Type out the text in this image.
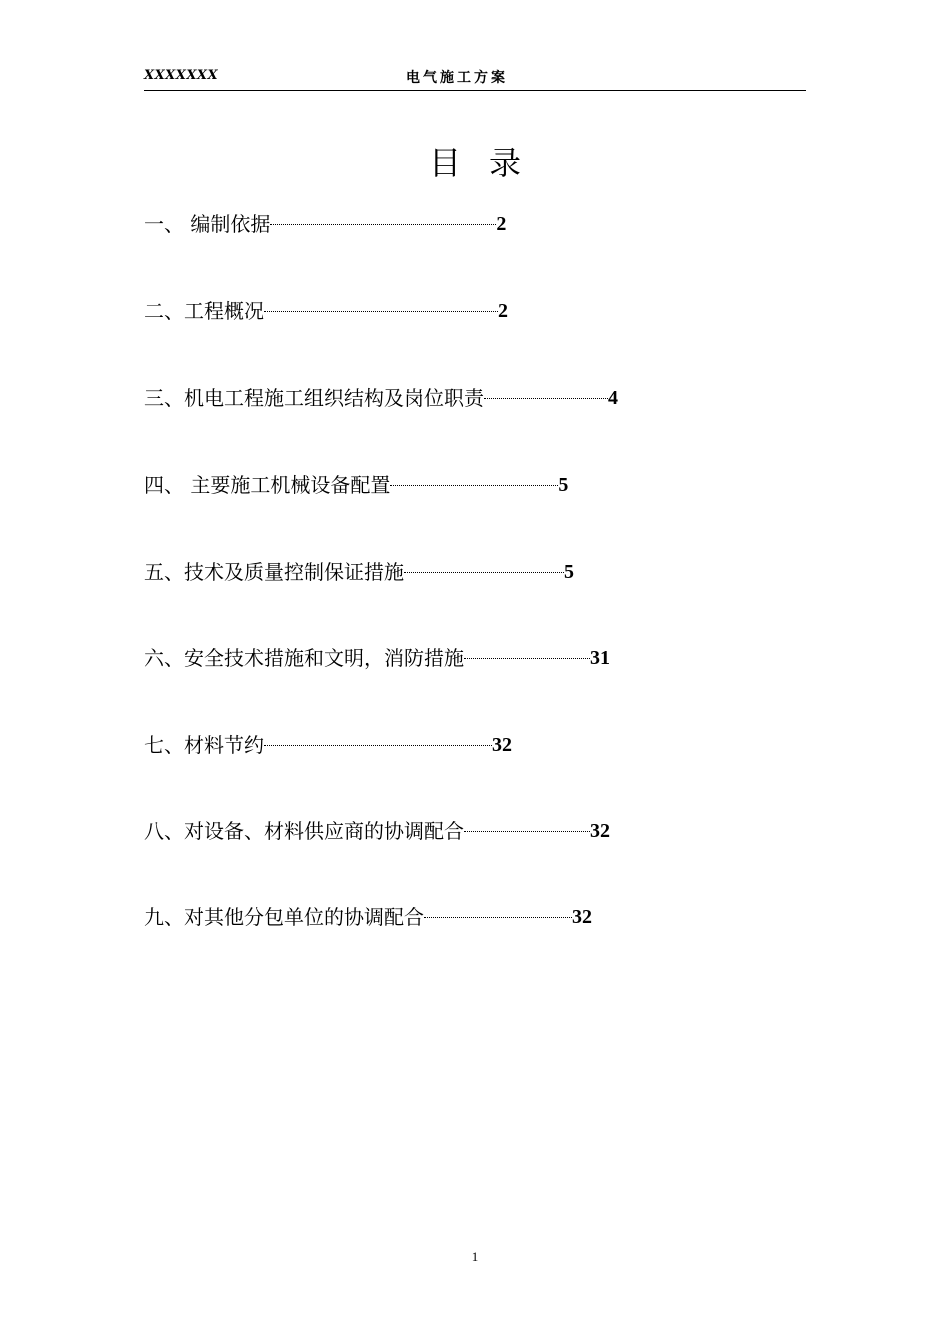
XXXXXXX	电气施工方案
目录
一、 编制依据	2
二、工程概况	2
三、机电工程施工组织结构及岗位职责	4
四、 主要施工机械设备配置	5
五、技术及质量控制保证措施	5
六、安全技术措施和文明，消防措施	31
七、材料节约	32
八、对设备、材料供应商的协调配合	32
九、对其他分包单位的协调配合	32
1
